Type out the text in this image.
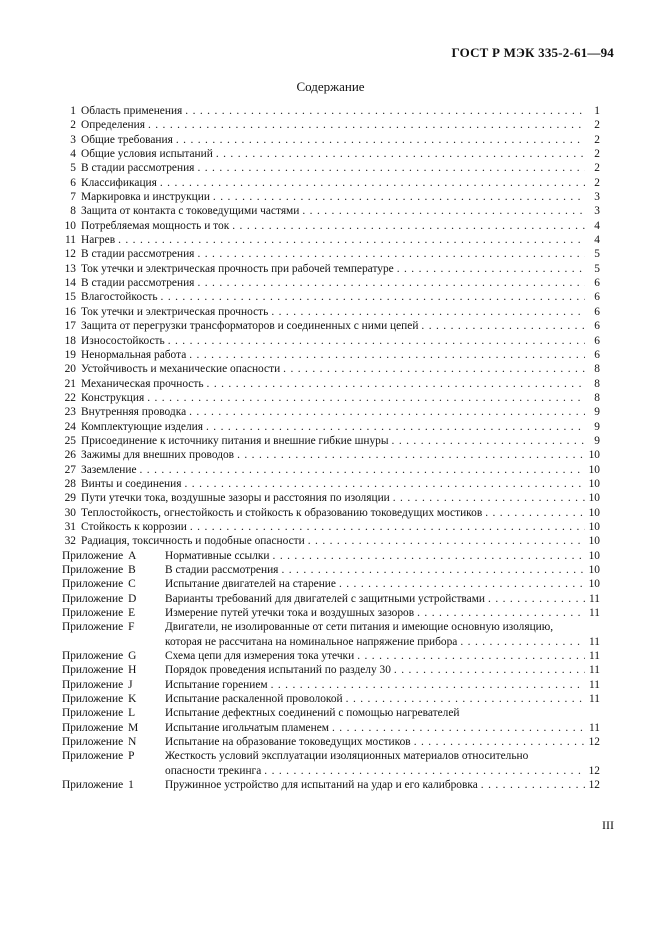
ГОСТ Р МЭК 335-2-61—94
Содержание
1 Область применения . . .	1
2 Определения . . .	2
3 Общие требования . . .	2
4 Общие условия испытаний . . .	2
5 В стадии рассмотрения . . .	2
6 Классификация . . .	2
7 Маркировка и инструкции . . .	3
8 Защита от контакта с токоведущими частями . . .	3
10 Потребляемая мощность и ток . . .	4
11 Нагрев . . .	4
12 В стадии рассмотрения . . .	5
13 Ток утечки и электрическая прочность при рабочей температуре . . .	5
14 В стадии рассмотрения . . .	6
15 Влагостойкость . . .	6
16 Ток утечки и электрическая прочность . . .	6
17 Защита от перегрузки трансформаторов и соединенных с ними цепей . . .	6
18 Износостойкость . . .	6
19 Ненормальная работа . . .	6
20 Устойчивость и механические опасности . . .	8
21 Механическая прочность . . .	8
22 Конструкция . . .	8
23 Внутренняя проводка . . .	9
24 Комплектующие изделия . . .	9
25 Присоединение к источнику питания и внешние гибкие шнуры . . .	9
26 Зажимы для внешних проводов . . .	10
27 Заземление . . .	10
28 Винты и соединения . . .	10
29 Пути утечки тока, воздушные зазоры и расстояния по изоляции . . .	10
30 Теплостойкость, огнестойкость и стойкость к образованию токоведущих мостиков . . .	10
31 Стойкость к коррозии . . .	10
32 Радиация, токсичность и подобные опасности . . .	10
Приложение A	Нормативные ссылки . . .	10
Приложение B	В стадии рассмотрения . . .	10
Приложение C	Испытание двигателей на старение . . .	10
Приложение D	Варианты требований для двигателей с защитными устройствами . . .	11
Приложение E	Измерение путей утечки тока и воздушных зазоров . . .	11
Приложение F	Двигатели, не изолированные от сети питания и имеющие основную изоляцию,
которая не рассчитана на номинальное напряжение прибора . . .	11
Приложение G	Схема цепи для измерения тока утечки . . .	11
Приложение H	Порядок проведения испытаний по разделу 30 . . .	11
Приложение J	Испытание горением . . .	11
Приложение K	Испытание раскаленной проволокой . . .	11
Приложение L	Испытание дефектных соединений с помощью нагревателей
Приложение M Испытание игольчатым пламенем . . .	11
Приложение N	Испытание на образование токоведущих мостиков . . .	12
Приложение P	Жесткость условий эксплуатации изоляционных материалов относительно
опасности трекинга . . .	12
Приложение 1	Пружинное устройство для испытаний на удар и его калибровка . . .	12
III
